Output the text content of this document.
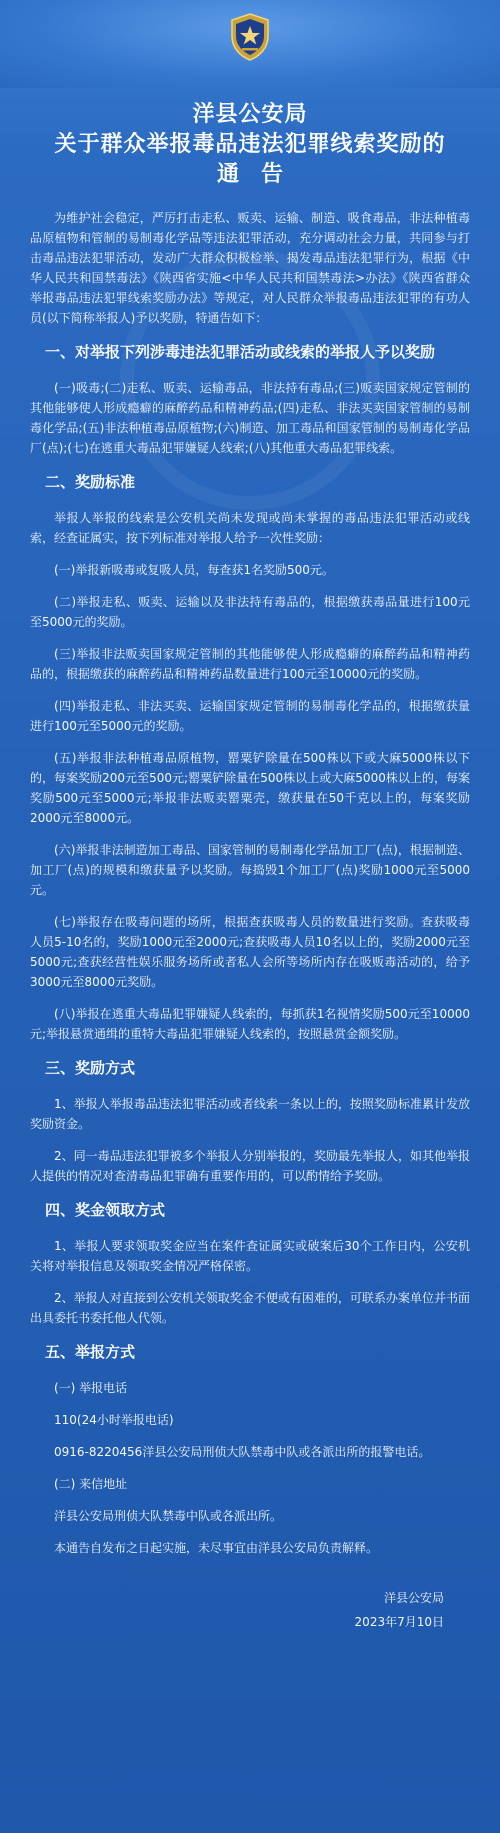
洋县公安局
关于群众举报毒品违法犯罪线索奖励的
通告

为维护社会稳定，严厉打击走私、贩卖、运输、制造、吸食毒品，非法种植毒品原植物和管制的易制毒化学品等违法犯罪活动，充分调动社会力量，共同参与打击毒品违法犯罪活动，发动广大群众积极检举、揭发毒品违法犯罪行为，根据《中华人民共和国禁毒法》《陕西省实施<中华人民共和国禁毒法>办法》《陕西省群众举报毒品违法犯罪线索奖励办法》等规定，对人民群众举报毒品违法犯罪的有功人员(以下简称举报人)予以奖励，特通告如下：

一、对举报下列涉毒违法犯罪活动或线索的举报人予以奖励

(一)吸毒;(二)走私、贩卖、运输毒品，非法持有毒品;(三)贩卖国家规定管制的其他能够使人形成瘾癖的麻醉药品和精神药品;(四)走私、非法买卖国家管制的易制毒化学品;(五)非法种植毒品原植物;(六)制造、加工毒品和国家管制的易制毒化学品厂(点);(七)在逃重大毒品犯罪嫌疑人线索;(八)其他重大毒品犯罪线索。

二、奖励标准

举报人举报的线索是公安机关尚未发现或尚未掌握的毒品违法犯罪活动或线索，经查证属实，按下列标准对举报人给予一次性奖励：

(一)举报新吸毒或复吸人员，每查获1名奖励500元。

(二)举报走私、贩卖、运输以及非法持有毒品的，根据缴获毒品量进行100元至5000元的奖励。

(三)举报非法贩卖国家规定管制的其他能够使人形成瘾癖的麻醉药品和精神药品的，根据缴获的麻醉药品和精神药品数量进行100元至10000元的奖励。

(四)举报走私、非法买卖、运输国家规定管制的易制毒化学品的，根据缴获量进行100元至5000元的奖励。

(五)举报非法种植毒品原植物，罂粟铲除量在500株以下或大麻5000株以下的，每案奖励200元至500元;罂粟铲除量在500株以上或大麻5000株以上的，每案奖励500元至5000元;举报非法贩卖罂粟壳，缴获量在50千克以上的，每案奖励2000元至8000元。

(六)举报非法制造加工毒品、国家管制的易制毒化学品加工厂(点)，根据制造、加工厂(点)的规模和缴获量予以奖励。每捣毁1个加工厂(点)奖励1000元至5000元。

(七)举报存在吸毒问题的场所，根据查获吸毒人员的数量进行奖励。查获吸毒人员5-10名的，奖励1000元至2000元;查获吸毒人员10名以上的，奖励2000元至5000元;查获经营性娱乐服务场所或者私人会所等场所内存在吸贩毒活动的，给予3000元至8000元奖励。

(八)举报在逃重大毒品犯罪嫌疑人线索的，每抓获1名视情奖励500元至10000元;举报悬赏通缉的重特大毒品犯罪嫌疑人线索的，按照悬赏金额奖励。

三、奖励方式

1、举报人举报毒品违法犯罪活动或者线索一条以上的，按照奖励标准累计发放奖励资金。

2、同一毒品违法犯罪被多个举报人分别举报的，奖励最先举报人，如其他举报人提供的情况对查清毒品犯罪确有重要作用的，可以酌情给予奖励。

四、奖金领取方式

1、举报人要求领取奖金应当在案件查证属实或破案后30个工作日内，公安机关将对举报信息及领取奖金情况严格保密。

2、举报人对直接到公安机关领取奖金不便或有困难的，可联系办案单位并书面出具委托书委托他人代领。

五、举报方式

(一) 举报电话

110(24小时举报电话)

0916-8220456洋县公安局刑侦大队禁毒中队或各派出所的报警电话。

(二) 来信地址

洋县公安局刑侦大队禁毒中队或各派出所。

本通告自发布之日起实施，未尽事宜由洋县公安局负责解释。

洋县公安局
2023年7月10日
